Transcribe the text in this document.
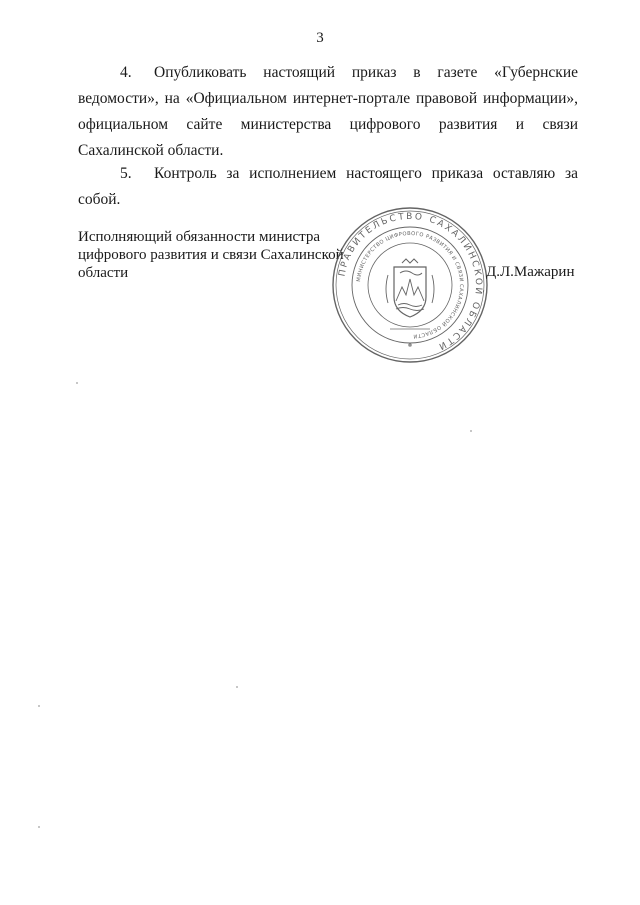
3
4. Опубликовать настоящий приказ в газете «Губернские ведомости», на «Официальном интернет-портале правовой информации», официальном сайте министерства цифрового развития и связи Сахалинской области.
5. Контроль за исполнением настоящего приказа оставляю за собой.
Исполняющий обязанности министра
цифрового развития и связи Сахалинской
области	ПРАВИТЕЛЬСТВО САХАЛИНСКОЙ ОБЛАСТИ
МИНИСТЕРСТВО ЦИФРОВОГО РАЗВИТИЯ И СВЯЗИ САХАЛИНСКОЙ ОБЛАСТИ
Д.Л.Мажарин
